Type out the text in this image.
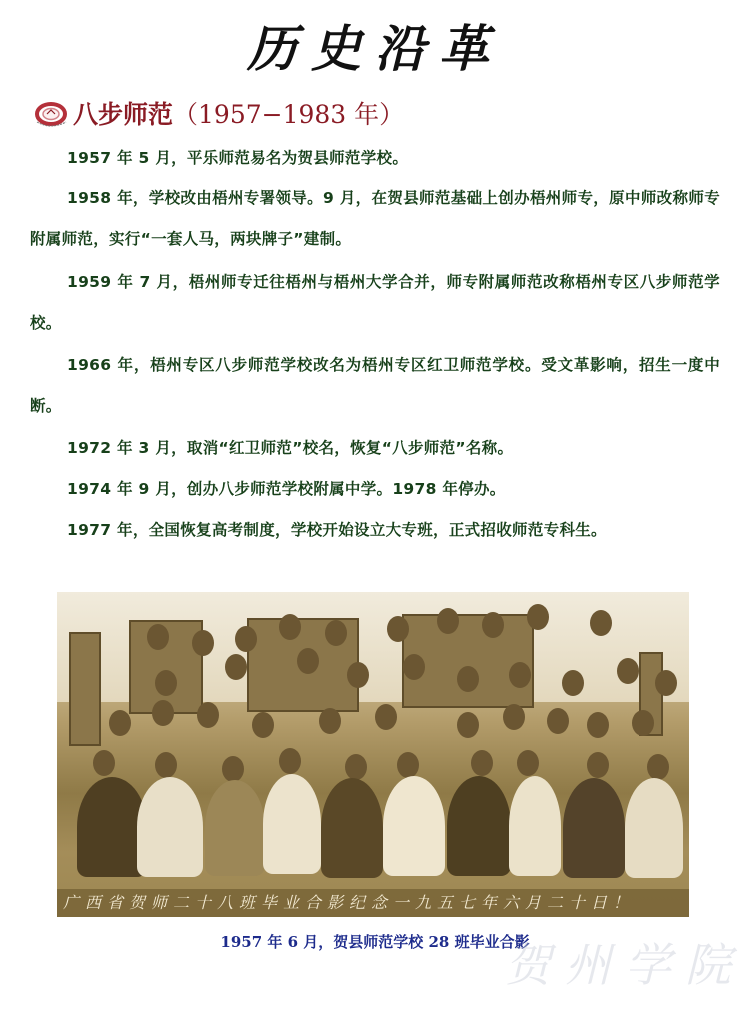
历史沿革
八步师范（1957−1983 年）
1957 年 5 月，平乐师范易名为贺县师范学校。
1958 年，学校改由梧州专署领导。9 月，在贺县师范基础上创办梧州师专，原中师改称师专附属师范，实行“一套人马，两块牌子”建制。
1959 年 7 月，梧州师专迁往梧州与梧州大学合并，师专附属师范改称梧州专区八步师范学校。
1966 年，梧州专区八步师范学校改名为梧州专区红卫师范学校。受文革影响，招生一度中断。
1972 年 3 月，取消“红卫师范”校名，恢复“八步师范”名称。
1974 年 9 月，创办八步师范学校附属中学。1978 年停办。
1977 年，全国恢复高考制度，学校开始设立大专班，正式招收师范专科生。
广西省贺师二十八班毕业合影纪念一九五七年六月二十日！
1957 年 6 月，贺县师范学校 28 班毕业合影
贺州学院
